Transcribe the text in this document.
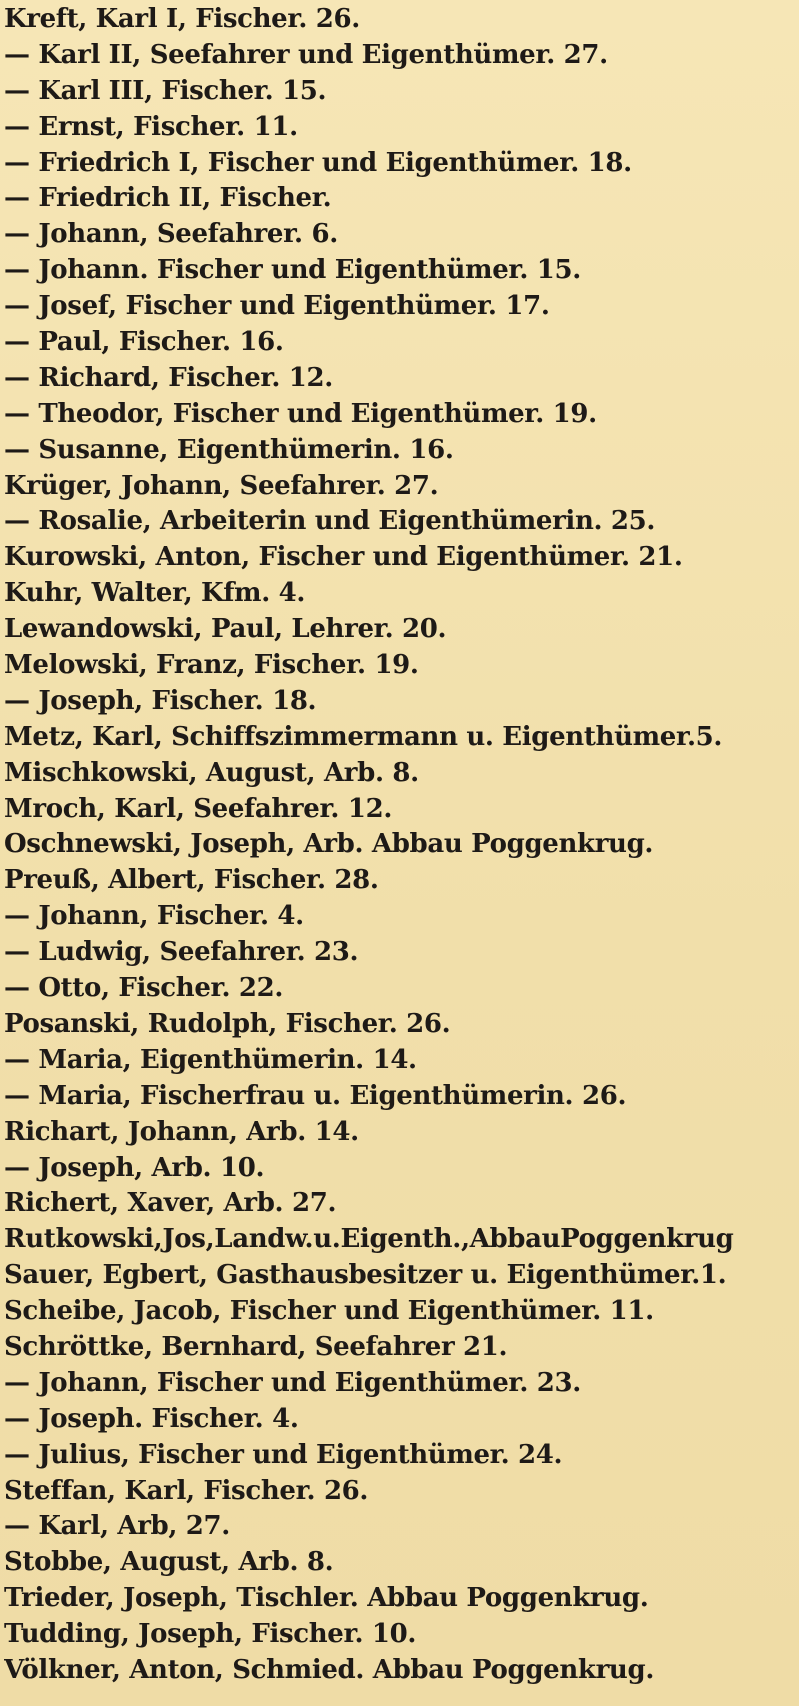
Kreft, Karl I, Fischer. 26.
— Karl II, Seefahrer und Eigenthümer. 27.
— Karl III, Fischer. 15.
— Ernst, Fischer. 11.
— Friedrich I, Fischer und Eigenthümer. 18.
— Friedrich II, Fischer.
— Johann, Seefahrer. 6.
— Johann. Fischer und Eigenthümer. 15.
— Josef, Fischer und Eigenthümer. 17.
— Paul, Fischer. 16.
— Richard, Fischer. 12.
— Theodor, Fischer und Eigenthümer. 19.
— Susanne, Eigenthümerin. 16.
Krüger, Johann, Seefahrer. 27.
— Rosalie, Arbeiterin und Eigenthümerin. 25.
Kurowski, Anton, Fischer und Eigenthümer. 21.
Kuhr, Walter, Kfm. 4.
Lewandowski, Paul, Lehrer. 20.
Melowski, Franz, Fischer. 19.
— Joseph, Fischer. 18.
Metz, Karl, Schiffszimmermann u. Eigenthümer.5.
Mischkowski, August, Arb. 8.
Mroch, Karl, Seefahrer. 12.
Oschnewski, Joseph, Arb. Abbau Poggenkrug.
Preuß, Albert, Fischer. 28.
— Johann, Fischer. 4.
— Ludwig, Seefahrer. 23.
— Otto, Fischer. 22.
Posanski, Rudolph, Fischer. 26.
— Maria, Eigenthümerin. 14.
— Maria, Fischerfrau u. Eigenthümerin. 26.
Richart, Johann, Arb. 14.
— Joseph, Arb. 10.
Richert, Xaver, Arb. 27.
Rutkowski,Jos,Landw.u.Eigenth.,AbbauPoggenkrug
Sauer, Egbert, Gasthausbesitzer u. Eigenthümer.1.
Scheibe, Jacob, Fischer und Eigenthümer. 11.
Schröttke, Bernhard, Seefahrer 21.
— Johann, Fischer und Eigenthümer. 23.
— Joseph. Fischer. 4.
— Julius, Fischer und Eigenthümer. 24.
Steffan, Karl, Fischer. 26.
— Karl, Arb, 27.
Stobbe, August, Arb. 8.
Trieder, Joseph, Tischler. Abbau Poggenkrug.
Tudding, Joseph, Fischer. 10.
Völkner, Anton, Schmied. Abbau Poggenkrug.
